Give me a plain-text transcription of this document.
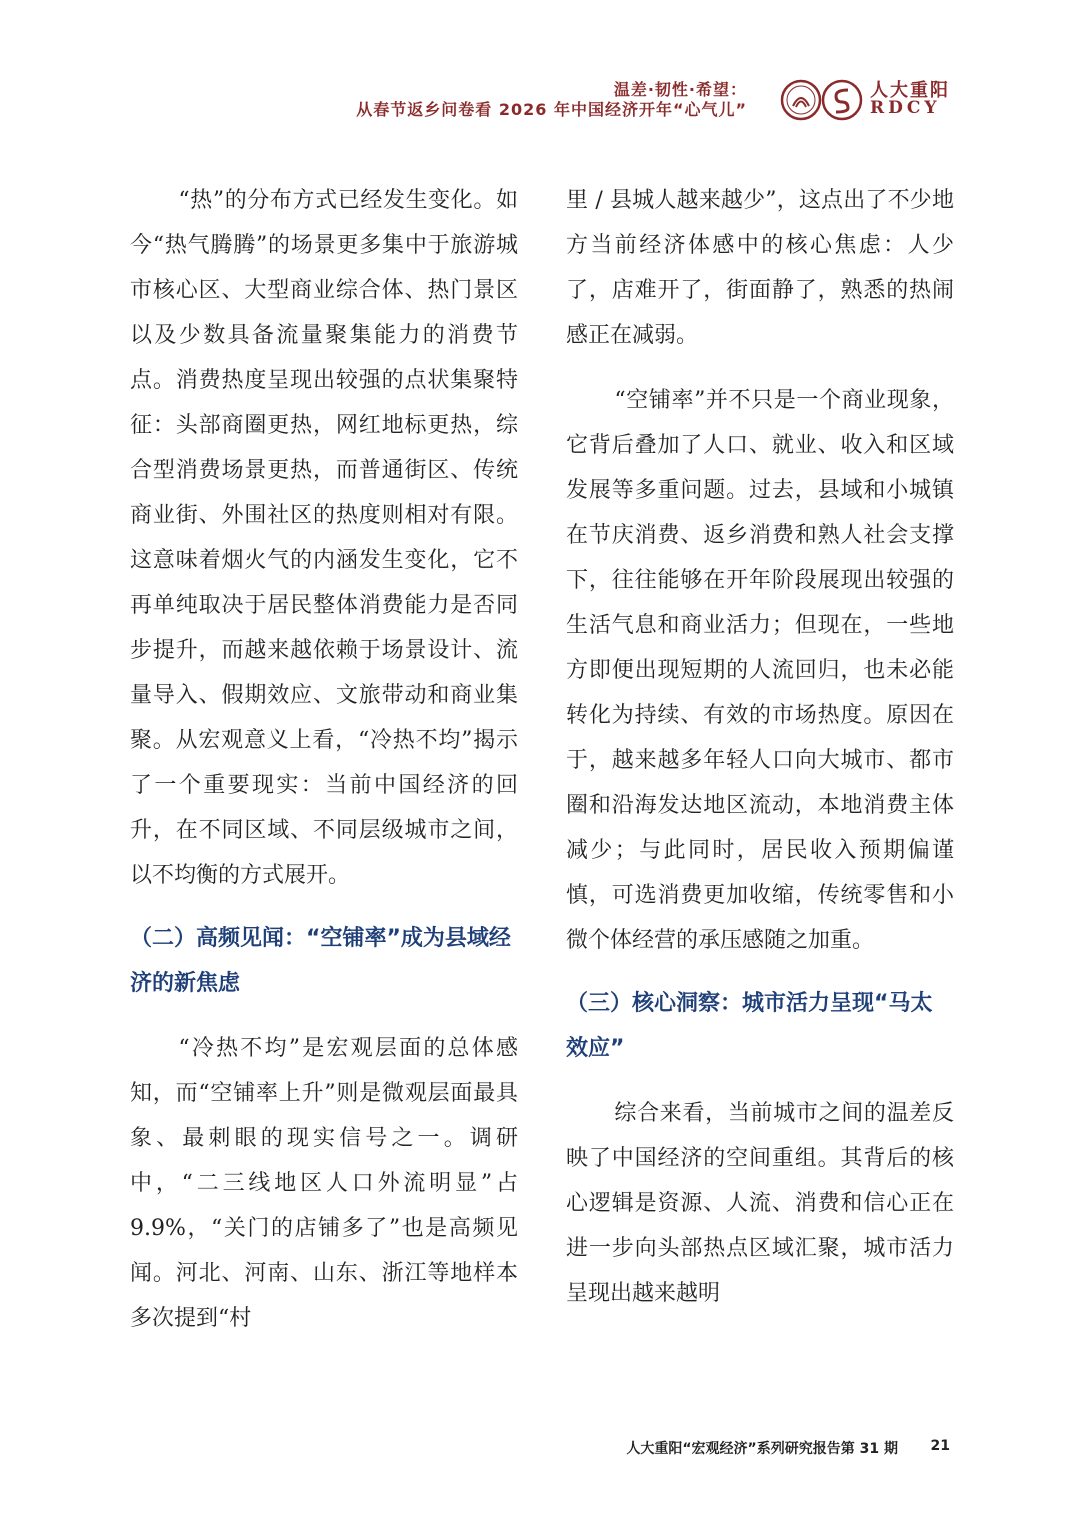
温差·韧性·希望：
从春节返乡问卷看 2026 年中国经济开年“心气儿”
人大重阳
RDCY

“热”的分布方式已经发生变化。如今“热气腾腾”的场景更多集中于旅游城市核心区、大型商业综合体、热门景区以及少数具备流量聚集能力的消费节点。消费热度呈现出较强的点状集聚特征：头部商圈更热，网红地标更热，综合型消费场景更热，而普通街区、传统商业街、外围社区的热度则相对有限。这意味着烟火气的内涵发生变化，它不再单纯取决于居民整体消费能力是否同步提升，而越来越依赖于场景设计、流量导入、假期效应、文旅带动和商业集聚。从宏观意义上看，“冷热不均”揭示了一个重要现实：当前中国经济的回升，在不同区域、不同层级城市之间，以不均衡的方式展开。

（二）高频见闻：“空铺率”成为县域经济的新焦虑

“冷热不均”是宏观层面的总体感知，而“空铺率上升”则是微观层面最具象、最刺眼的现实信号之一。调研中，“二三线地区人口外流明显”占 9.9%，“关门的店铺多了”也是高频见闻。河北、河南、山东、浙江等地样本多次提到“村

里 / 县城人越来越少”，这点出了不少地方当前经济体感中的核心焦虑：人少了，店难开了，街面静了，熟悉的热闹感正在减弱。

“空铺率”并不只是一个商业现象，它背后叠加了人口、就业、收入和区域发展等多重问题。过去，县域和小城镇在节庆消费、返乡消费和熟人社会支撑下，往往能够在开年阶段展现出较强的生活气息和商业活力；但现在，一些地方即便出现短期的人流回归，也未必能转化为持续、有效的市场热度。原因在于，越来越多年轻人口向大城市、都市圈和沿海发达地区流动，本地消费主体减少；与此同时，居民收入预期偏谨慎，可选消费更加收缩，传统零售和小微个体经营的承压感随之加重。

（三）核心洞察：城市活力呈现“马太效应”

综合来看，当前城市之间的温差反映了中国经济的空间重组。其背后的核心逻辑是资源、人流、消费和信心正在进一步向头部热点区域汇聚，城市活力呈现出越来越明

人大重阳“宏观经济”系列研究报告第 31 期 21
